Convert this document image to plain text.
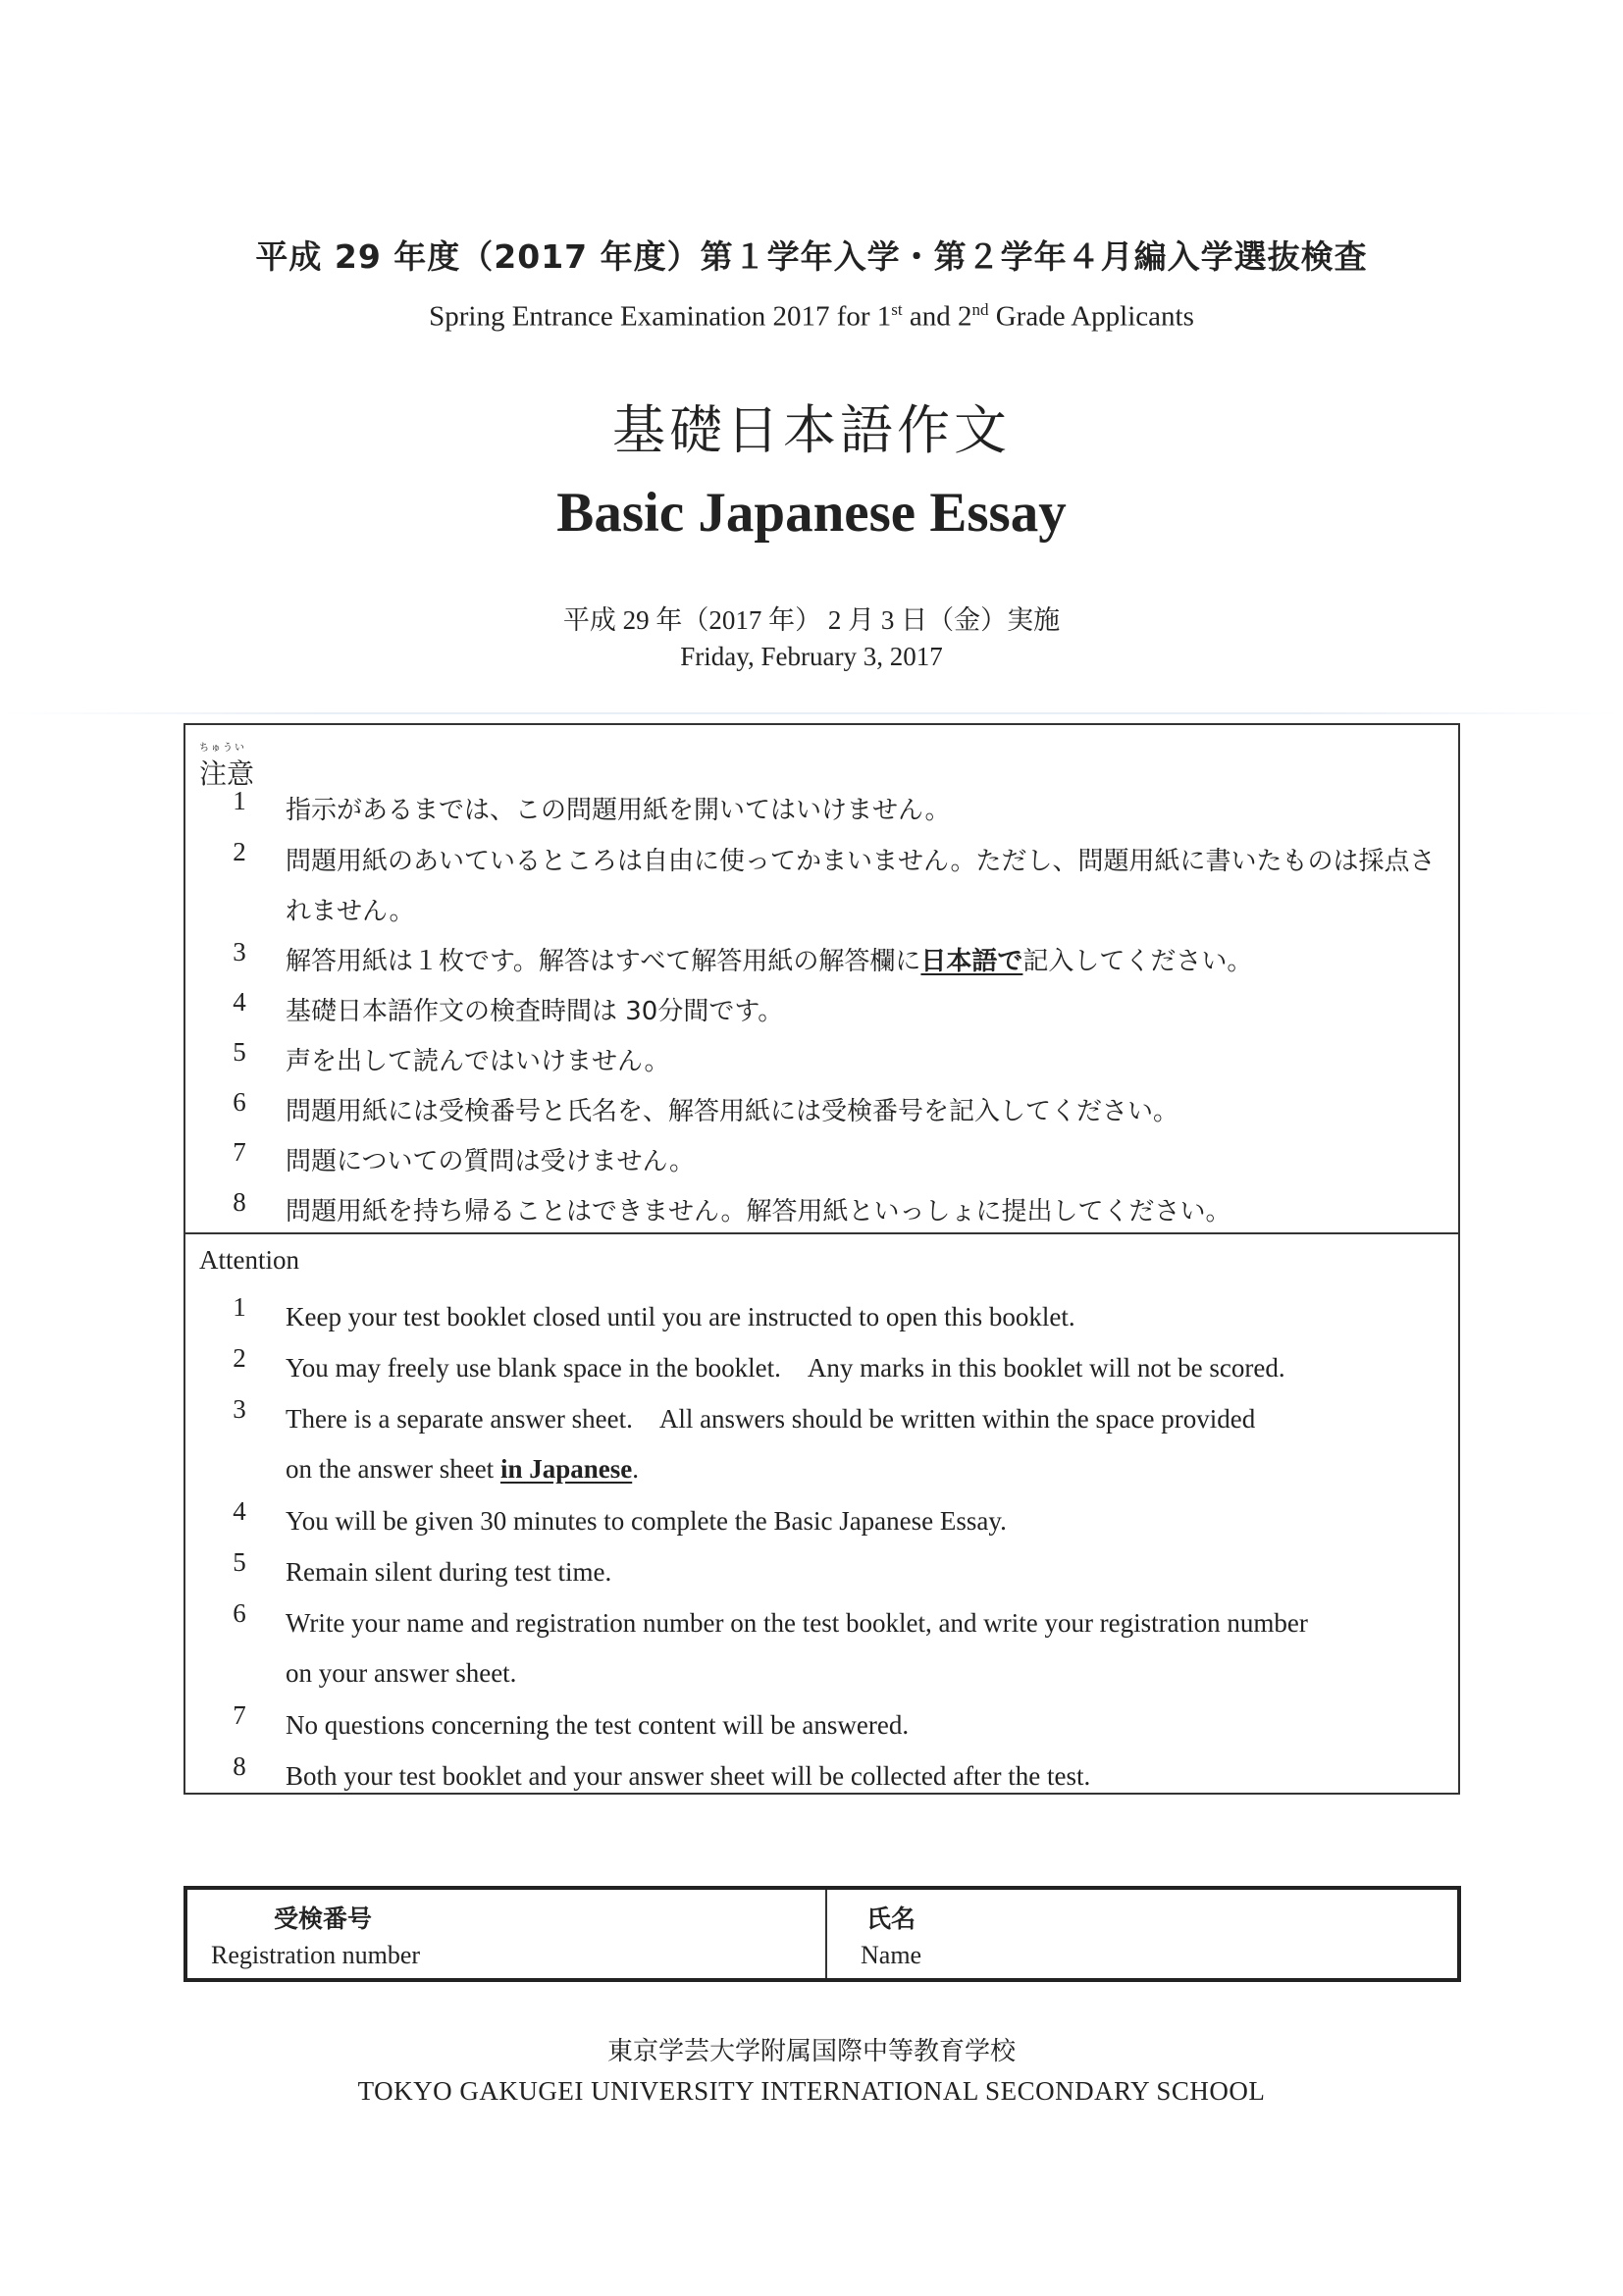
平成 29 年度（2017 年度）第１学年入学・第２学年４月編入学選抜検査
Spring Entrance Examination 2017 for 1st and 2nd Grade Applicants
基礎日本語作文
Basic Japanese Essay
平成 29 年（2017 年） 2 月 3 日（金）実施
Friday, February 3, 2017
ちゅうい
注意
1	指示があるまでは、この問題用紙を開いてはいけません。
2	問題用紙のあいているところは自由に使ってかまいません。ただし、問題用紙に書いたものは採点されません。
3	解答用紙は１枚です。解答はすべて解答用紙の解答欄に日本語で記入してください。
4	基礎日本語作文の検査時間は 30分間です。
5	声を出して読んではいけません。
6	問題用紙には受検番号と氏名を、解答用紙には受検番号を記入してください。
7	問題についての質問は受けません。
8	問題用紙を持ち帰ることはできません。解答用紙といっしょに提出してください。
Attention
1	Keep your test booklet closed until you are instructed to open this booklet.
2	You may freely use blank space in the booklet.　Any marks in this booklet will not be scored.
3	There is a separate answer sheet.　All answers should be written within the space provided
on the answer sheet in Japanese.
4	You will be given 30 minutes to complete the Basic Japanese Essay.
5	Remain silent during test time.
6	Write your name and registration number on the test booklet, and write your registration number
on your answer sheet.
7	No questions concerning the test content will be answered.
8	Both your test booklet and your answer sheet will be collected after the test.
受検番号
Registration number
氏名
Name
東京学芸大学附属国際中等教育学校
TOKYO GAKUGEI UNIVERSITY INTERNATIONAL SECONDARY SCHOOL
